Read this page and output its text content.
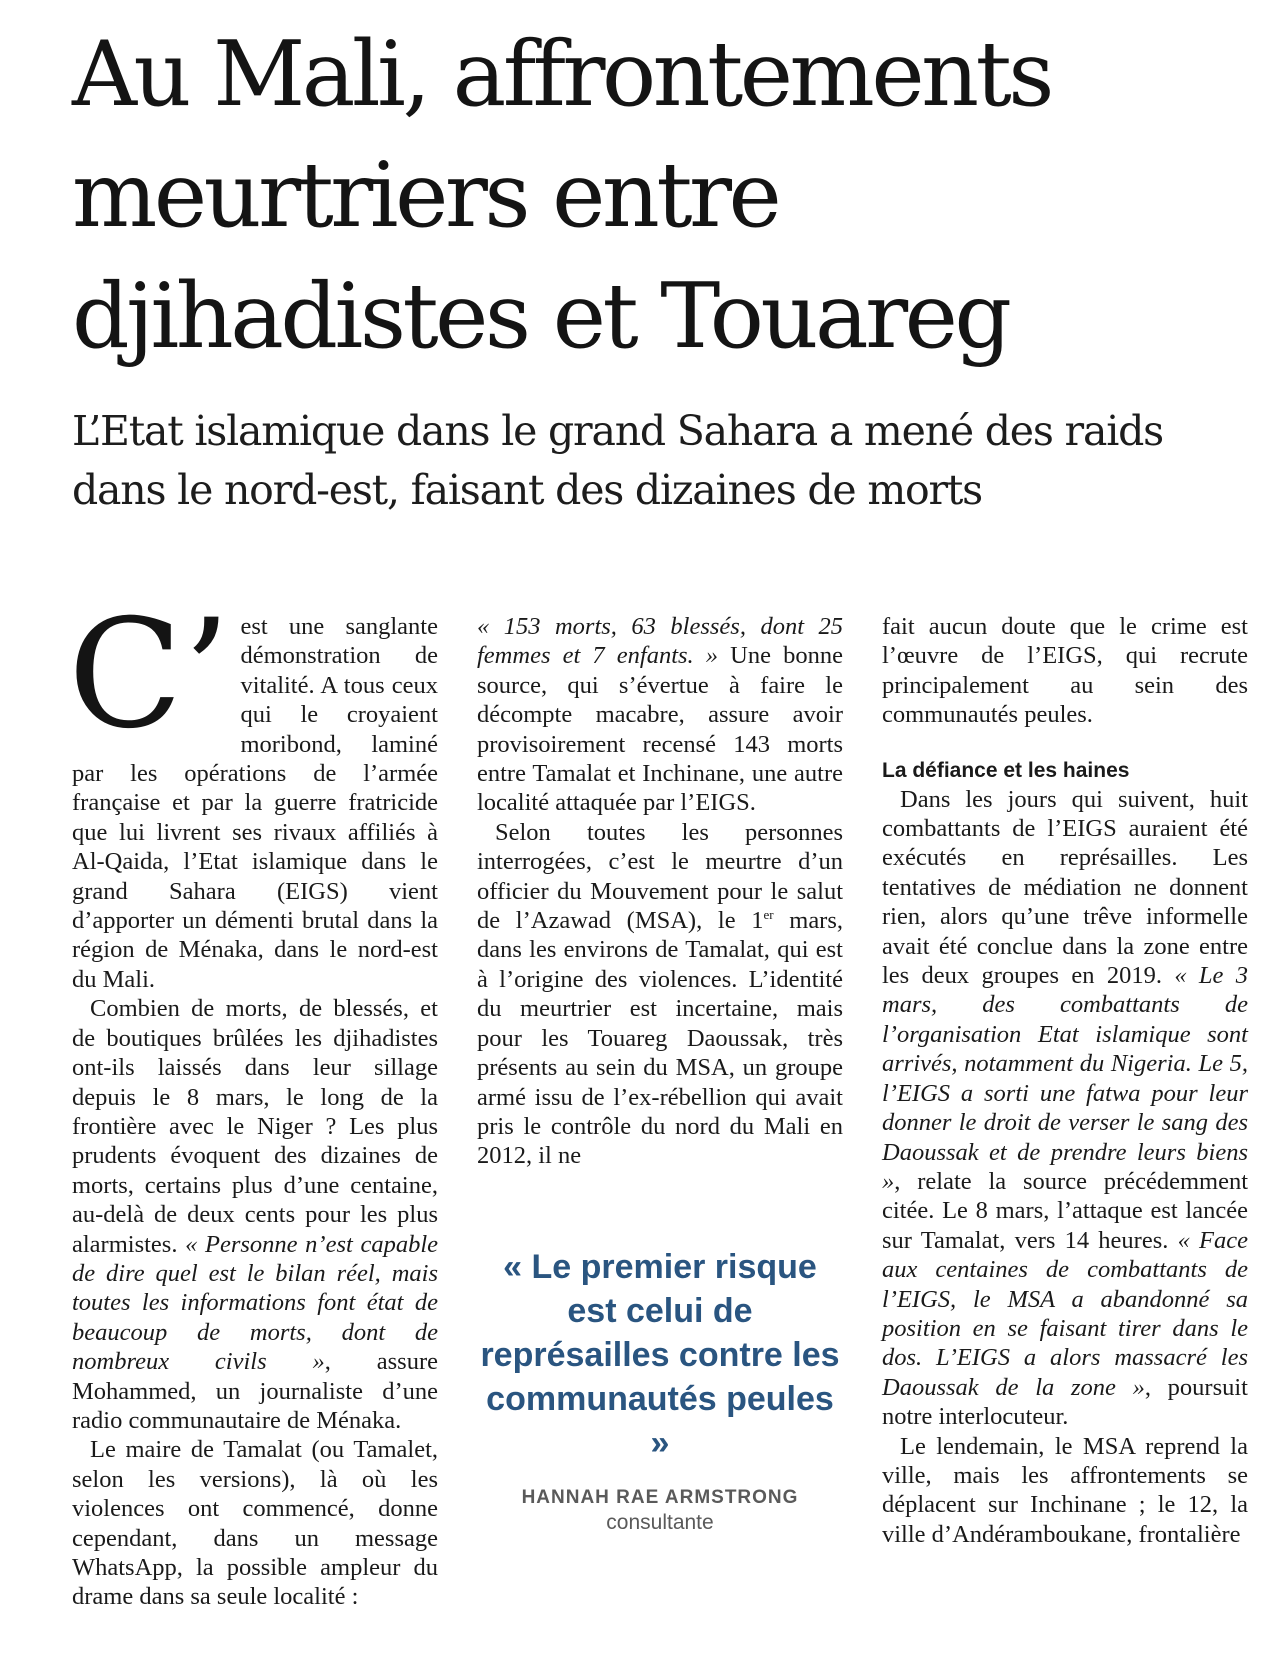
Au Mali, affrontements meurtriers entre djihadistes et Touareg
L’Etat islamique dans le grand Sahara a mené des raids dans le nord-est, faisant des dizaines de morts

C’ est une sanglante démonstration de vitalité. A tous ceux qui le croyaient moribond, laminé par les opérations de l’armée française et par la guerre fratricide que lui livrent ses rivaux affiliés à Al-Qaida, l’Etat islamique dans le grand Sahara (EIGS) vient d’apporter un démenti brutal dans la région de Ménaka, dans le nord-est du Mali.

Combien de morts, de blessés, et de boutiques brûlées les djihadistes ont-ils laissés dans leur sillage depuis le 8 mars, le long de la frontière avec le Niger ? Les plus prudents évoquent des dizaines de morts, certains plus d’une centaine, au-delà de deux cents pour les plus alarmistes. « Personne n’est capable de dire quel est le bilan réel, mais toutes les informations font état de beaucoup de morts, dont de nombreux civils », assure Mohammed, un journaliste d’une radio communautaire de Ménaka.

Le maire de Tamalat (ou Tamalet, selon les versions), là où les violences ont commencé, donne cependant, dans un message WhatsApp, la possible ampleur du drame dans sa seule localité :

« 153 morts, 63 blessés, dont 25 femmes et 7 enfants. » Une bonne source, qui s’évertue à faire le décompte macabre, assure avoir provisoirement recensé 143 morts entre Tamalat et Inchinane, une autre localité attaquée par l’EIGS.

Selon toutes les personnes interrogées, c’est le meurtre d’un officier du Mouvement pour le salut de l’Azawad (MSA), le 1er mars, dans les environs de Tamalat, qui est à l’origine des violences. L’identité du meurtrier est incertaine, mais pour les Touareg Daoussak, très présents au sein du MSA, un groupe armé issu de l’ex-rébellion qui avait pris le contrôle du nord du Mali en 2012, il ne

« Le premier risque est celui de représailles contre les communautés peules »

HANNAH RAE ARMSTRONG

consultante

fait aucun doute que le crime est l’œuvre de l’EIGS, qui recrute principalement au sein des communautés peules.

La défiance et les haines

Dans les jours qui suivent, huit combattants de l’EIGS auraient été exécutés en représailles. Les tentatives de médiation ne donnent rien, alors qu’une trêve informelle avait été conclue dans la zone entre les deux groupes en 2019. « Le 3 mars, des combattants de l’organisation Etat islamique sont arrivés, notamment du Nigeria. Le 5, l’EIGS a sorti une fatwa pour leur donner le droit de verser le sang des Daoussak et de prendre leurs biens », relate la source précédemment citée. Le 8 mars, l’attaque est lancée sur Tamalat, vers 14 heures. « Face aux centaines de combattants de l’EIGS, le MSA a abandonné sa position en se faisant tirer dans le dos. L’EIGS a alors massacré les Daoussak de la zone », poursuit notre interlocuteur.

Le lendemain, le MSA reprend la ville, mais les affrontements se déplacent sur Inchinane ; le 12, la ville d’Andéramboukane, frontalière
